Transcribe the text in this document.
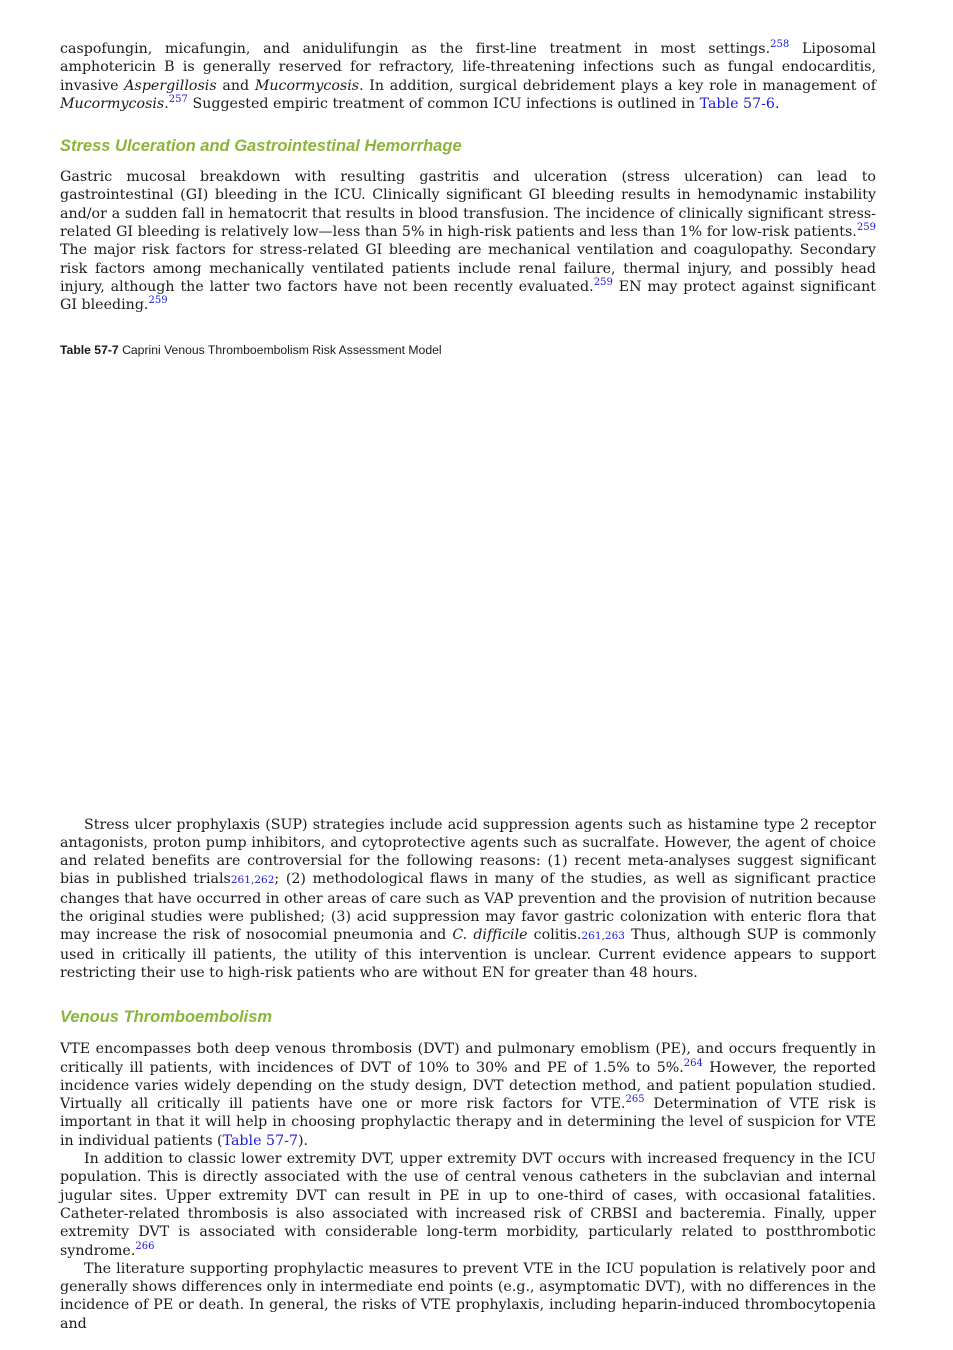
caspofungin, micafungin, and anidulifungin as the first-line treatment in most settings.$^{258}$ Liposomal amphotericin B is generally reserved for refractory, life-threatening infections such as fungal endocarditis, invasive Aspergillosis and Mucormycosis. In addition, surgical debridement plays a key role in management of Mucormycosis.$^{257}$ Suggested empiric treatment of common ICU infections is outlined in Table 57-6.

Stress Ulceration and Gastrointestinal Hemorrhage

Gastric mucosal breakdown with resulting gastritis and ulceration (stress ulceration) can lead to gastrointestinal (GI) bleeding in the ICU. Clinically significant GI bleeding results in hemodynamic instability and/or a sudden fall in hematocrit that results in blood transfusion. The incidence of clinically significant stress-related GI bleeding is relatively low—less than 5% in high-risk patients and less than 1% for low-risk patients.$^{259}$ The major risk factors for stress-related GI bleeding are mechanical ventilation and coagulopathy. Secondary risk factors among mechanically ventilated patients include renal failure, thermal injury, and possibly head injury, although the latter two factors have not been recently evaluated.$^{259}$ EN may protect against significant GI bleeding.$^{259}$

Table 57-7 Caprini Venous Thromboembolism Risk Assessment Model

Stress ulcer prophylaxis (SUP) strategies include acid suppression agents such as histamine type 2 receptor antagonists, proton pump inhibitors, and cytoprotective agents such as sucralfate. However, the agent of choice and related benefits are controversial for the following reasons: (1) recent meta-analyses suggest significant bias in published trials261,262; (2) methodological flaws in many of the studies, as well as significant practice changes that have occurred in other areas of care such as VAP prevention and the provision of nutrition because the original studies were published; (3) acid suppression may favor gastric colonization with enteric flora that may increase the risk of nosocomial pneumonia and C. difficile colitis.261,263 Thus, although SUP is commonly used in critically ill patients, the utility of this intervention is unclear. Current evidence appears to support restricting their use to high-risk patients who are without EN for greater than 48 hours.

Venous Thromboembolism

VTE encompasses both deep venous thrombosis (DVT) and pulmonary emoblism (PE), and occurs frequently in critically ill patients, with incidences of DVT of 10% to 30% and PE of 1.5% to 5%.$^{264}$ However, the reported incidence varies widely depending on the study design, DVT detection method, and patient population studied. Virtually all critically ill patients have one or more risk factors for VTE.$^{265}$ Determination of VTE risk is important in that it will help in choosing prophylactic therapy and in determining the level of suspicion for VTE in individual patients (Table 57-7).

In addition to classic lower extremity DVT, upper extremity DVT occurs with increased frequency in the ICU population. This is directly associated with the use of central venous catheters in the subclavian and internal jugular sites. Upper extremity DVT can result in PE in up to one-third of cases, with occasional fatalities. Catheter-related thrombosis is also associated with increased risk of CRBSI and bacteremia. Finally, upper extremity DVT is associated with considerable long-term morbidity, particularly related to postthrombotic syndrome.$^{266}$

The literature supporting prophylactic measures to prevent VTE in the ICU population is relatively poor and generally shows differences only in intermediate end points (e.g., asymptomatic DVT), with no differences in the incidence of PE or death. In general, the risks of VTE prophylaxis, including heparin-induced thrombocytopenia and
